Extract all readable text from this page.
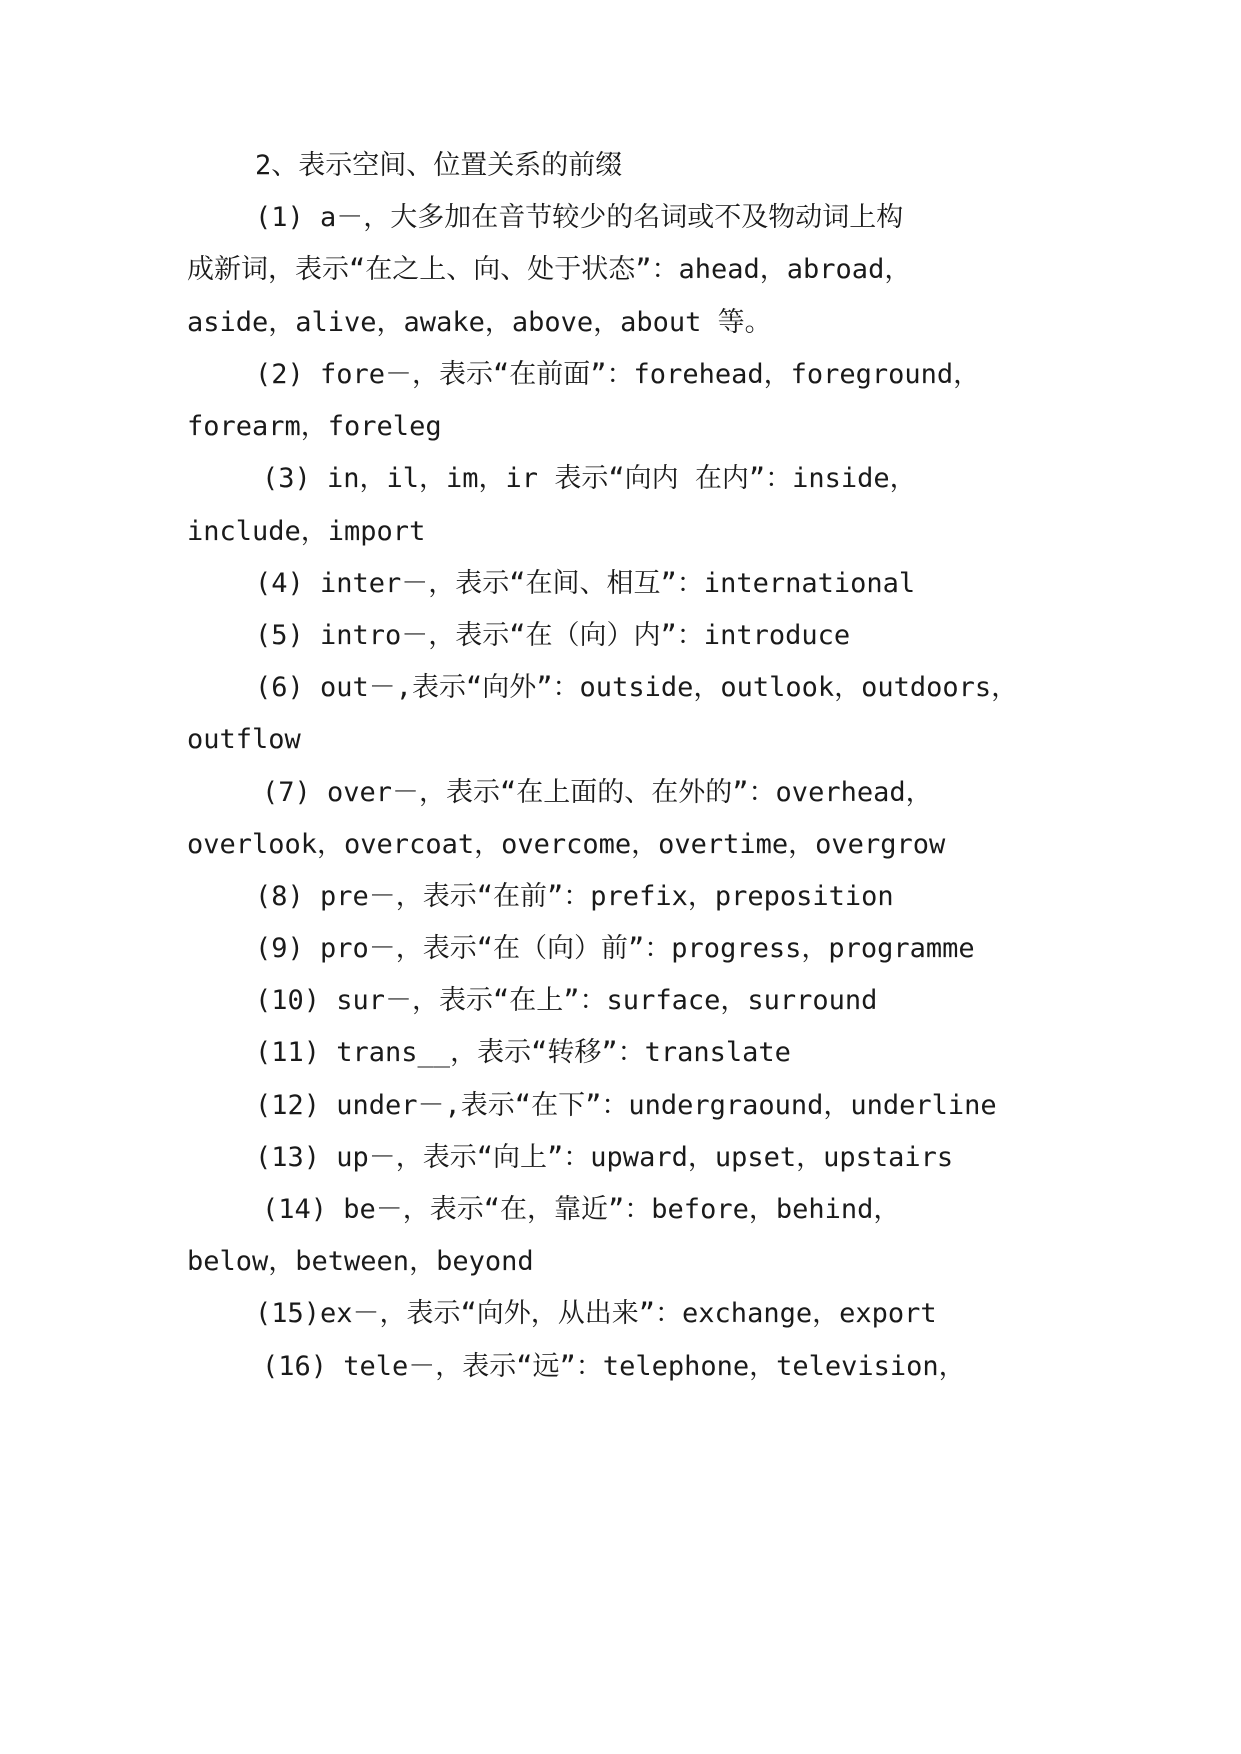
2、表示空间、位置关系的前缀
(1) a－，大多加在音节较少的名词或不及物动词上构
成新词，表示“在之上、向、处于状态”：ahead，abroad，
aside，alive，awake，above，about 等。
(2) fore－，表示“在前面”：forehead，foreground，
forearm，foreleg
(3) in，il，im，ir 表示“向内 在内”：inside，
include，import
(4) inter－，表示“在间、相互”：international
(5) intro－，表示“在（向）内”：introduce
(6) out－,表示“向外”：outside，outlook，outdoors，
outflow
(7) over－，表示“在上面的、在外的”：overhead，
overlook，overcoat，overcome，overtime，overgrow
(8) pre－，表示“在前”：prefix，preposition
(9) pro－，表示“在（向）前”：progress，programme
(10) sur－，表示“在上”：surface，surround
(11) trans__，表示“转移”：translate
(12) under－,表示“在下”：undergraound，underline
(13) up－，表示“向上”：upward，upset，upstairs
(14) be－，表示“在，靠近”：before，behind，
below，between，beyond
(15)ex－，表示“向外，从出来”：exchange，export
(16) tele－，表示“远”：telephone，television，
